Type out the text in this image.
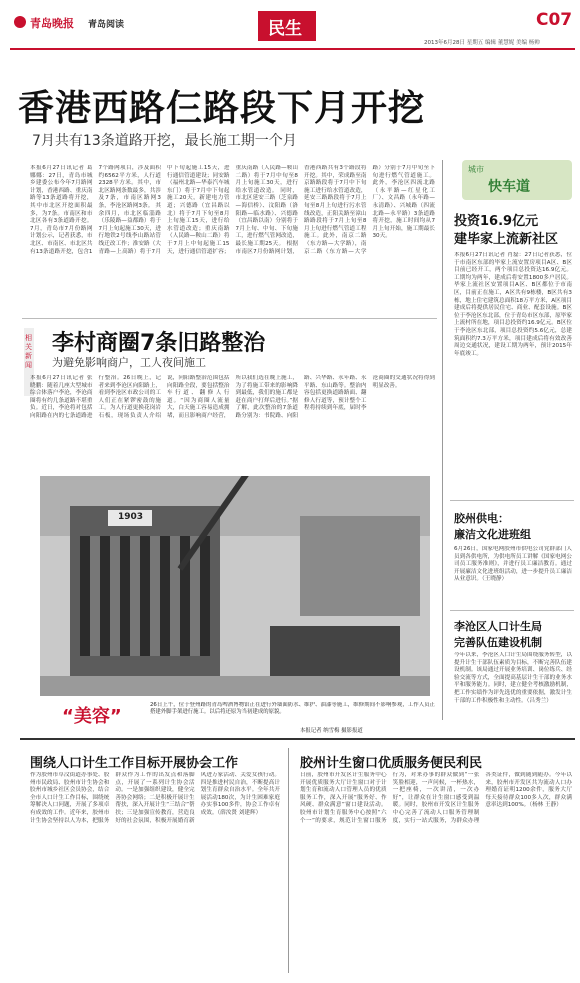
青岛晚报 青岛阅读	民生	C07
2013年6月28日 星期五 编辑 董慧妮 美编 杨帅
香港西路仨路段下月开挖
7月共有13条道路开挖，最长施工期一个月
本报6月27日讯记者 葛娜娜：27日，青岛市城乡建委公布今年7月路网计划，香港西路、重庆南路等13条道路将开挖，其中市北区开挖面积最多，为7条。市南区和市北区各有3条道路开挖。7月，青岛市7月份路网计划公示，记者获悉，市北区、市南区、市北区共有13条道路开挖，包含17个路网项目，涉及面积约6562平方米，人行道2328平方米。其中，市北区路网条数最多，共涉及7条，市南区路网3条，李沧区路网3条。 其余四月，市北区临淄路（乐陵路—益都路）将于7月上旬起施工30天，进行地铁2号线李山路站管线迁改工作；淮安路（大青路—上高路）将于7月中下旬起施工15天，进行通信管道建设；同安路（福州北路—华泰汽车城东门）将于7月中下旬起施工20天，新建电力管道；兴德路（宜昌路以北）将于7月下旬至8月上旬施工15天，进行给水管道改造；重庆南路（人民路—鞍山二路）将于7月上中旬起施工15天，进行通信管道扩容；重庆南路（人民路—鞍山二路）将于7月中旬至8月上旬施工30天，进行给水管道改造。 同时，市北区延安三路（芝泉路—海信桥）、汶阳路（洛阳路—临水路）、兴德路（宜昌路以南）分别将于7月上旬、中旬、下旬施工，进行燃气管网改造，最长施工期25天。 根据市南区7月份路网计划，香港西路共有3个路段将开挖。其中，荣成路至南京路路段将于7月中下旬施工进行给水管道改造，延安三路路段将于7月上旬至8月上旬进行污水管线改造，正阳关路至漳山路路段将于7月上旬至8月上旬进行燃气管道工程施工。此外，南京二路（东方路—大学路），南京二路（东方路—大学路）分别于7月中旬至下旬进行燃气管道施工。 此外，李沧区四流北路（永平路—红星化工厂）、文昌路（永年路—永清路）、兴城路（四流北路—永平路）3条道路将开挖，施工时间均从7月上旬开始，施工期最长30天。
相关新闻
李村商圈7条旧路整治
为避免影响商户，工人夜间施工
本报6月27日讯记者 张晓鹏：随着几座大型城市综合体落户李沧，李沧商圈将有约几条道路不堪重负。近日，李沧将对包括向阳路在内的七条道路进行整治。26日晚上，记者来到李沧区向阳路上，看到李沧区市政公司的工人们正在紧锣密鼓的施工。为人行道更换花岗岩石板，现场负责人介绍说，向阳路整治范围包括向阳路全段，要包括整治车行道、翻修人行道。“因为商圈人流量大，白天施工容易造成拥堵，而且影响商户经营，所以我们选在晚上施工，为了将施工带来的影响降到最低，我们的施工都是赶在商户打烊后进行。”据了解，此次整治的7条道路分别为：书院路、向阳路、兴华路、永年路、永平路、东山路等。整治内容包括更换道路路面、翻修人行道等，预计整个工程将持续到年底，届时李沧商圈的交通状况将得到明显改善。
1903
“美容”
26日上午，位于登州路的青岛啤酒博物馆正在进行外墙面防水、维护、油漆等施工，维修期间不影响参观，工作人员正搭建外脚手架进行施工。以后将还原为当初建成的原貌。
本报记者 纳雪梅 摄影报道
城市
快车道
投资16.9亿元
建毕家上流新社区
本报6月27日讯记者 肖磊：27日记者获悉，位于市南区东部的毕家上流安置房项目A区、B区目前已经开工，两个项目总投资达16.9亿元。工期均为两年，建成后将安置1800多户居民。毕家上流社区安置项目A区、B区都位于市南区，目前正在施工，A区共有9栋楼，B区共有3栋，地上住宅建筑总面积18万平方米，A区项目建成后将提供居民住宅、商业、配套设施。B区位于李沧区东北部，位于青岛市区东部，原毕家上流村所在地，项目总投资约16.9亿元。B区位于李沧区东北部，项目总投资约5.6亿元，总建筑面积约7.3万平方米，项目建成后将有效改善周边交通状况，建设工期为两年，预计2015年年底竣工。
胶州供电：
廉洁文化进班组
6月26日，国家电网胶州市供电公司党群部门人员到各供电所，为供电所员工讲解《国家电网公司员工服务准则》，并进行员工廉洁教育。通过开展廉洁文化进班组活动，进一步提升员工廉洁从业意识。（王晓静）
李沧区人口计生局
完善队伍建设机制
今年以来，李沧区人口计生局围绕服务转型，以提升计生干部队伍素质为目标，不断完善队伍建设机制。该局通过开展业务培训、岗位练兵、经验交流等方式，全面提高基层计生干部的业务水平和服务能力。同时，建立健全考核激励机制，把工作实绩作为评先选优的重要依据，激发计生干部的工作积极性和主动性。（吕秀兰）
围绕人口计生工作目标开展协会工作
作为胶州市草汶街道办事处、胶州市民政局、胶州市计生协会和胶州市城乡社区会员协会，结合全市人口计生工作目标，围绕统筹解决人口问题，开展了多项卓有成效的工作。近年来，胶州市计生协会坚持以人为本，把服务群众作为工作的出发点和落脚点，开展了一系列计生协会活动。一是加强组织建设，健全完善协会网络；二是积极开展计生帮扶，深入开展计生“三结合”帮扶；三是加强宣传教育，营造良好的社会氛围，积极开展婚育新风进万家活动、关爱女孩行动。四是推进村民自治，不断提高计划生育群众自治水平。全年共开展活动180次，为计生困难家庭办实事100多件，协会工作卓有成效。（薛汝贤 刘建辉）
胶州计生窗口优质服务便民利民
日前，胶州市开发区计生服务中心开展优质服务大厅计生窗口对于计划生育和流动人口管理人员的优质服务工作，深入开展“服务好、作风硬、群众满意”窗口建设活动。胶州市计划生育服务中心按照“六个一”的要求，规范计生窗口服务行为，对来办事的群众做到“一张笑脸相迎，一声问候，一杯热水，一把座椅，一次讲清，一次办好”，让群众在计生窗口感受到温暖。同时，胶州市开发区计生服务中心完善了流动人口服务管理制度，实行一站式服务，为群众办理各类证件，做到随到随办。今年以来，胶州市开发区共为流动人口办理婚育证明1200余件，服务大厅每天接待群众100多人次，群众满意率达到100%。（杨林 王静）
